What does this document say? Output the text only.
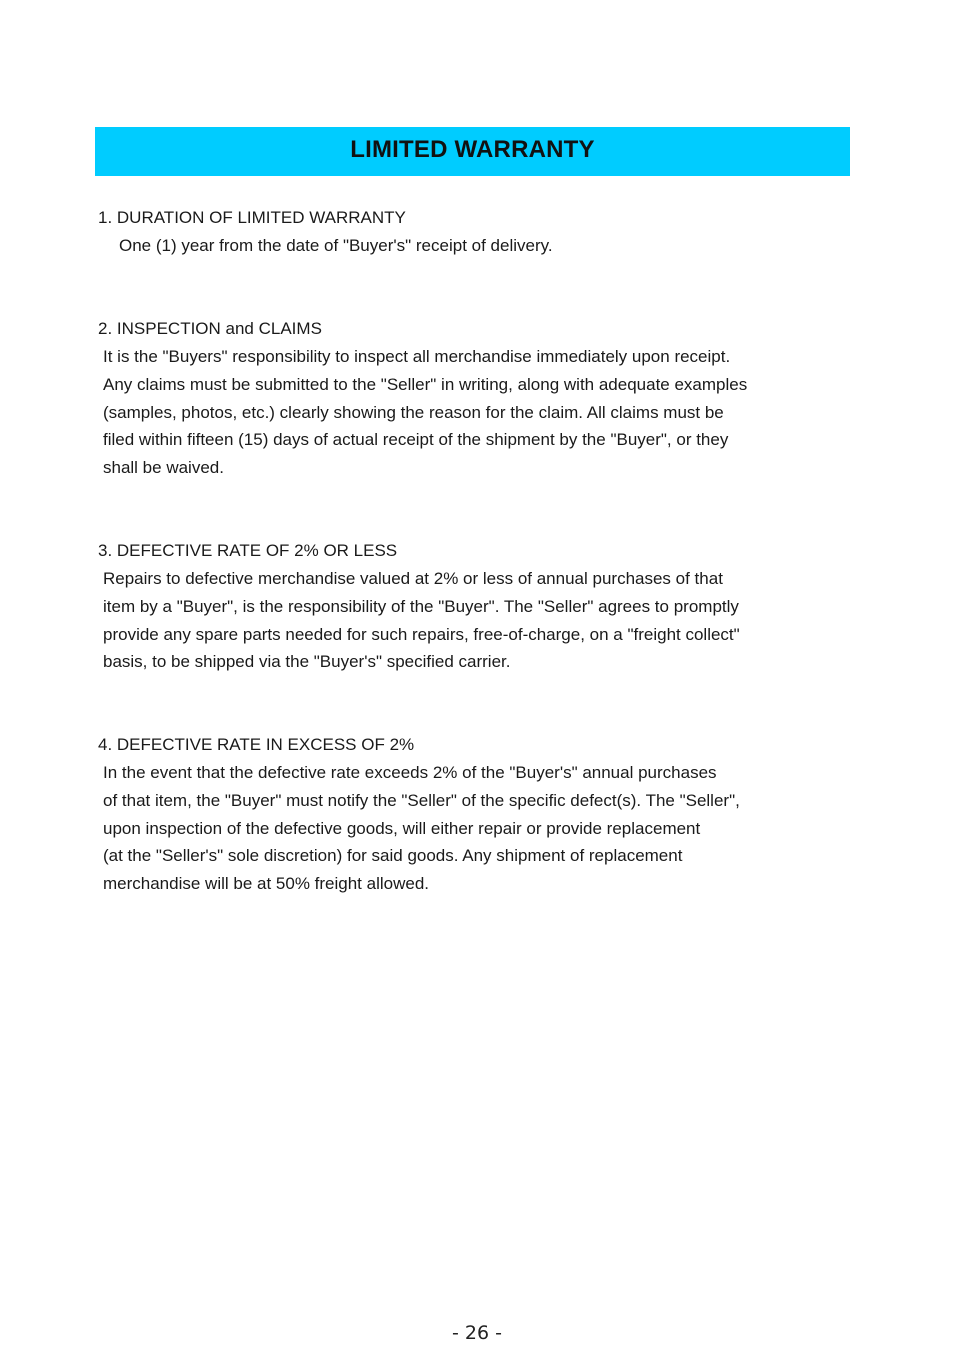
LIMITED WARRANTY

1. DURATION OF LIMITED WARRANTY

One (1) year from the date of "Buyer's" receipt of delivery.

2. INSPECTION and CLAIMS

It is the "Buyers" responsibility to inspect all merchandise immediately upon receipt.

Any claims must be submitted to the "Seller" in writing, along with adequate examples

(samples, photos, etc.) clearly showing the reason for the claim. All claims must be

filed within fifteen (15) days of actual receipt of the shipment by the "Buyer", or they

shall be waived.

3. DEFECTIVE RATE OF 2% OR LESS

Repairs to defective merchandise valued at 2% or less of annual purchases of that

item by a "Buyer", is the responsibility of the "Buyer". The "Seller" agrees to promptly

provide any spare parts needed for such repairs, free-of-charge, on a "freight collect"

basis, to be shipped via the "Buyer's" specified carrier.

4. DEFECTIVE RATE IN EXCESS OF 2%

In the event that the defective rate exceeds 2% of the "Buyer's" annual purchases

of that item, the "Buyer" must notify the "Seller" of the specific defect(s). The "Seller",

upon inspection of the defective goods, will either repair or provide replacement

(at the "Seller's" sole discretion) for said goods. Any shipment of replacement

merchandise will be at 50% freight allowed.

- 26 -
